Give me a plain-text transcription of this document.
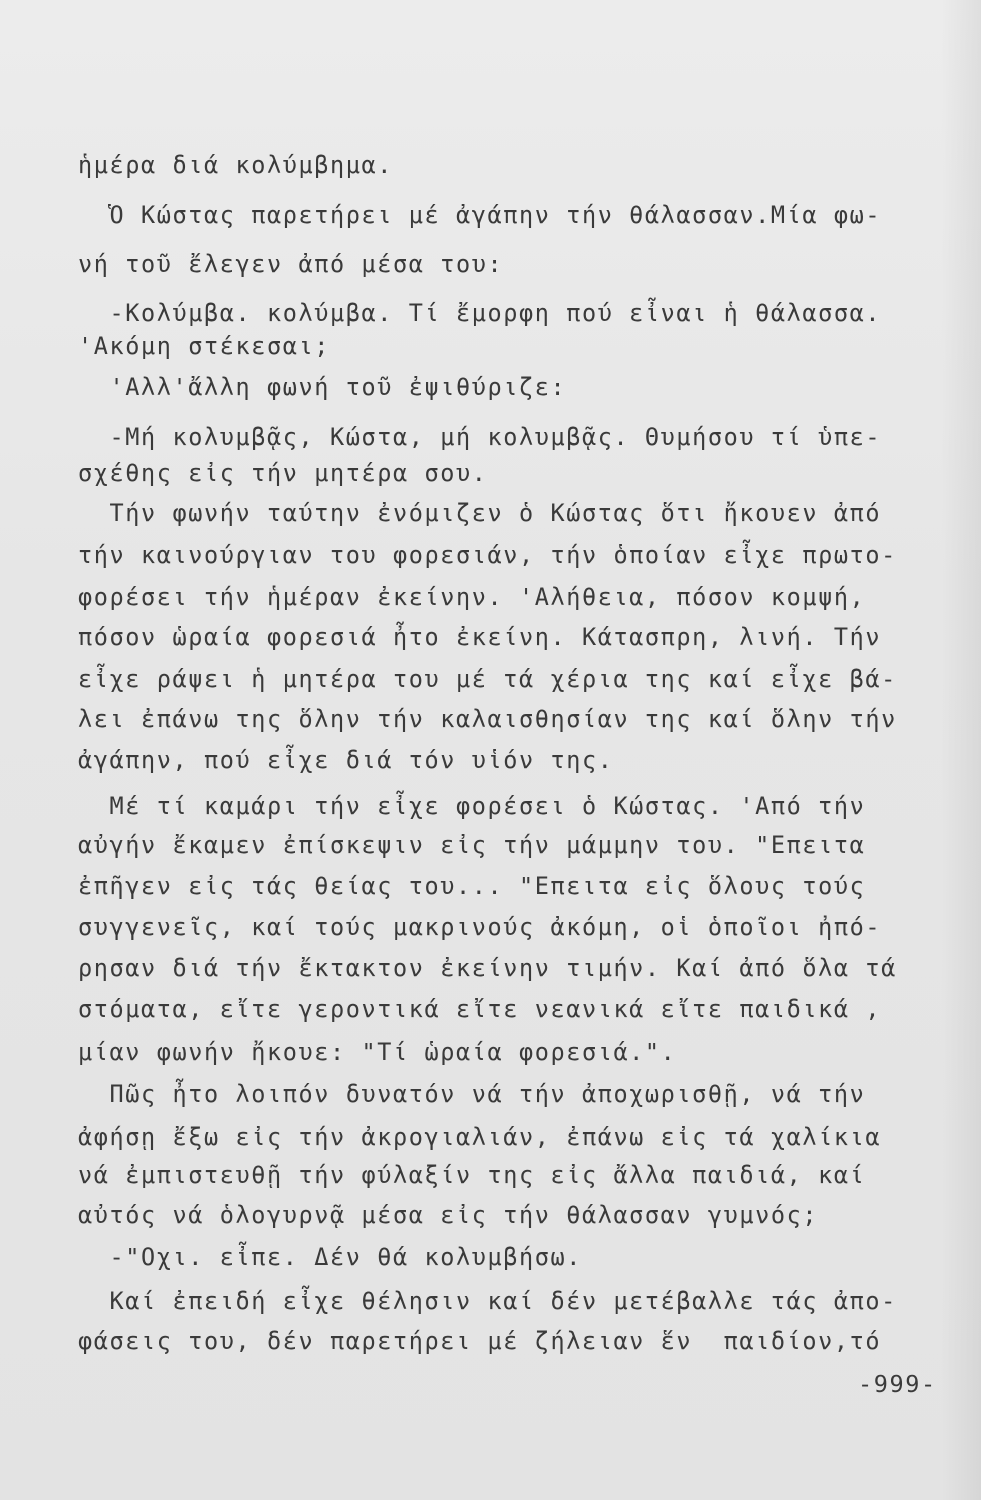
ἡμέρα διά κολύμβημα.
Ὁ Κώστας παρετήρει μέ ἀγάπην τήν θάλασσαν.Μία φω-
νή τοῦ ἔλεγεν ἀπό μέσα του:
-Κολύμβα. κολύμβα. Τί ἔμορφη πού εἶναι ἡ θάλασσα.
'Ακόμη στέκεσαι;
'Αλλ'ἄλλη φωνή τοῦ ἐψιθύριζε:
-Μή κολυμβᾷς, Κώστα, μή κολυμβᾷς. Θυμήσου τί ὑπε-
σχέθης εἰς τήν μητέρα σου.
Τήν φωνήν ταύτην ἐνόμιζεν ὁ Κώστας ὅτι ἤκουεν ἀπό
τήν καινούργιαν του φορεσιάν, τήν ὁποίαν εἶχε πρωτο-
φορέσει τήν ἡμέραν ἐκείνην. 'Αλήθεια, πόσον κομψή,
πόσον ὡραία φορεσιά ἦτο ἐκείνη. Κάτασπρη, λινή. Τήν
εἶχε ράψει ἡ μητέρα του μέ τά χέρια της καί εἶχε βά-
λει ἐπάνω της ὅλην τήν καλαισθησίαν της καί ὅλην τήν
ἀγάπην, πού εἶχε διά τόν υἱόν της.
Μέ τί καμάρι τήν εἶχε φορέσει ὁ Κώστας. 'Από τήν
αὐγήν ἔκαμεν ἐπίσκεψιν εἰς τήν μάμμην του. "Επειτα
ἐπῆγεν εἰς τάς θείας του... "Επειτα εἰς ὅλους τούς
συγγενεῖς, καί τούς μακρινούς ἀκόμη, οἱ ὁποῖοι ἠπό-
ρησαν διά τήν ἔκτακτον ἐκείνην τιμήν. Καί ἀπό ὅλα τά
στόματα, εἴτε γεροντικά εἴτε νεανικά εἴτε παιδικά ,
μίαν φωνήν ἤκουε: "Τί ὡραία φορεσιά.".
Πῶς ἦτο λοιπόν δυνατόν νά τήν ἀποχωρισθῇ, νά τήν
ἀφήσῃ ἔξω εἰς τήν ἀκρογιαλιάν, ἐπάνω εἰς τά χαλίκια
νά ἐμπιστευθῇ τήν φύλαξίν της εἰς ἄλλα παιδιά, καί
αὐτός νά ὁλογυρνᾷ μέσα εἰς τήν θάλασσαν γυμνός;
-"Οχι. εἶπε. Δέν θά κολυμβήσω.
Καί ἐπειδή εἶχε θέλησιν καί δέν μετέβαλλε τάς ἀπο-
φάσεις του, δέν παρετήρει μέ ζήλειαν ἕν  παιδίον,τό
-999-
